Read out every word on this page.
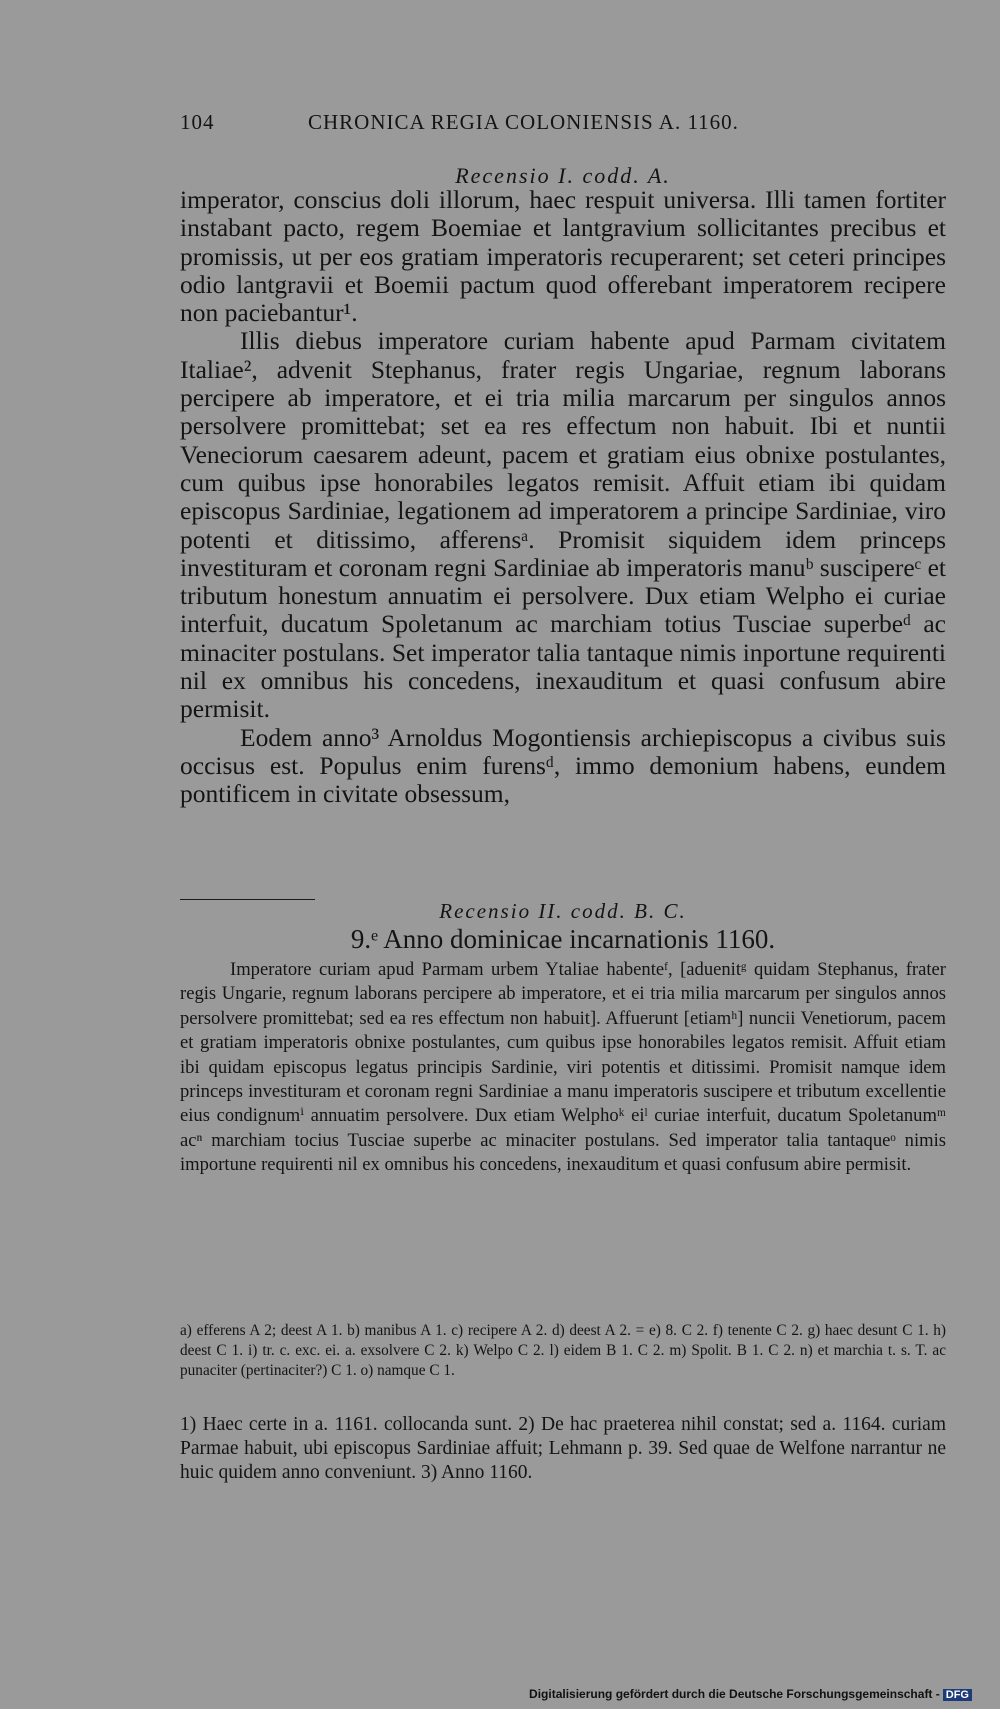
104	CHRONICA REGIA COLONIENSIS A. 1160.
Recensio I. codd. A.

imperator, conscius doli illorum, haec respuit universa. Illi tamen fortiter instabant pacto, regem Boemiae et lantgravium sollicitantes precibus et promissis, ut per eos gratiam imperatoris recuperarent; set ceteri principes odio lantgravii et Boemii pactum quod offerebant imperatorem recipere non paciebantur¹.

Illis diebus imperatore curiam habente apud Parmam civitatem Italiae², advenit Stephanus, frater regis Ungariae, regnum laborans percipere ab imperatore, et ei tria milia marcarum per singulos annos persolvere promittebat; set ea res effectum non habuit. Ibi et nuntii Veneciorum caesarem adeunt, pacem et gratiam eius obnixe postulantes, cum quibus ipse honorabiles legatos remisit. Affuit etiam ibi quidam episcopus Sardiniae, legationem ad imperatorem a principe Sardiniae, viro potenti et ditissimo, afferensᵃ. Promisit siquidem idem princeps investituram et coronam regni Sardiniae ab imperatoris manuᵇ suscipereᶜ et tributum honestum annuatim ei persolvere. Dux etiam Welpho ei curiae interfuit, ducatum Spoletanum ac marchiam totius Tusciae superbeᵈ ac minaciter postulans. Set imperator talia tantaque nimis inportune requirenti nil ex omnibus his concedens, inexauditum et quasi confusum abire permisit.

Eodem anno³ Arnoldus Mogontiensis archiepiscopus a civibus suis occisus est. Populus enim furensᵈ, immo demonium habens, eundem pontificem in civitate obsessum,

Recensio II. codd. B. C.
9.ᵉ Anno dominicae incarnationis 1160.

Imperatore curiam apud Parmam urbem Ytaliae habenteᶠ, [aduenitᵍ quidam Stephanus, frater regis Ungarie, regnum laborans percipere ab imperatore, et ei tria milia marcarum per singulos annos persolvere promittebat; sed ea res effectum non habuit]. Affuerunt [etiamʰ] nuncii Venetiorum, pacem et gratiam imperatoris obnixe postulantes, cum quibus ipse honorabiles legatos remisit. Affuit etiam ibi quidam episcopus legatus principis Sardinie, viri potentis et ditissimi. Promisit namque idem princeps investituram et coronam regni Sardiniae a manu imperatoris suscipere et tributum excellentie eius condignumⁱ annuatim persolvere. Dux etiam Welphoᵏ eiˡ curiae interfuit, ducatum Spoletanumᵐ acⁿ marchiam tocius Tusciae superbe ac minaciter postulans. Sed imperator talia tantaqueᵒ nimis importune requirenti nil ex omnibus his concedens, inexauditum et quasi confusum abire permisit.

a) efferens A 2; deest A 1. b) manibus A 1. c) recipere A 2. d) deest A 2. = e) 8. C 2. f) tenente C 2. g) haec desunt C 1. h) deest C 1. i) tr. c. exc. ei. a. exsolvere C 2. k) Welpo C 2. l) eidem B 1. C 2. m) Spolit. B 1. C 2. n) et marchia t. s. T. ac punaciter (pertinaciter?) C 1. o) namque C 1.

1) Haec certe in a. 1161. collocanda sunt. 2) De hac praeterea nihil constat; sed a. 1164. curiam Parmae habuit, ubi episcopus Sardiniae affuit; Lehmann p. 39. Sed quae de Welfone narrantur ne huic quidem anno conveniunt. 3) Anno 1160.

Digitalisierung gefördert durch die Deutsche Forschungsgemeinschaft - DFG
